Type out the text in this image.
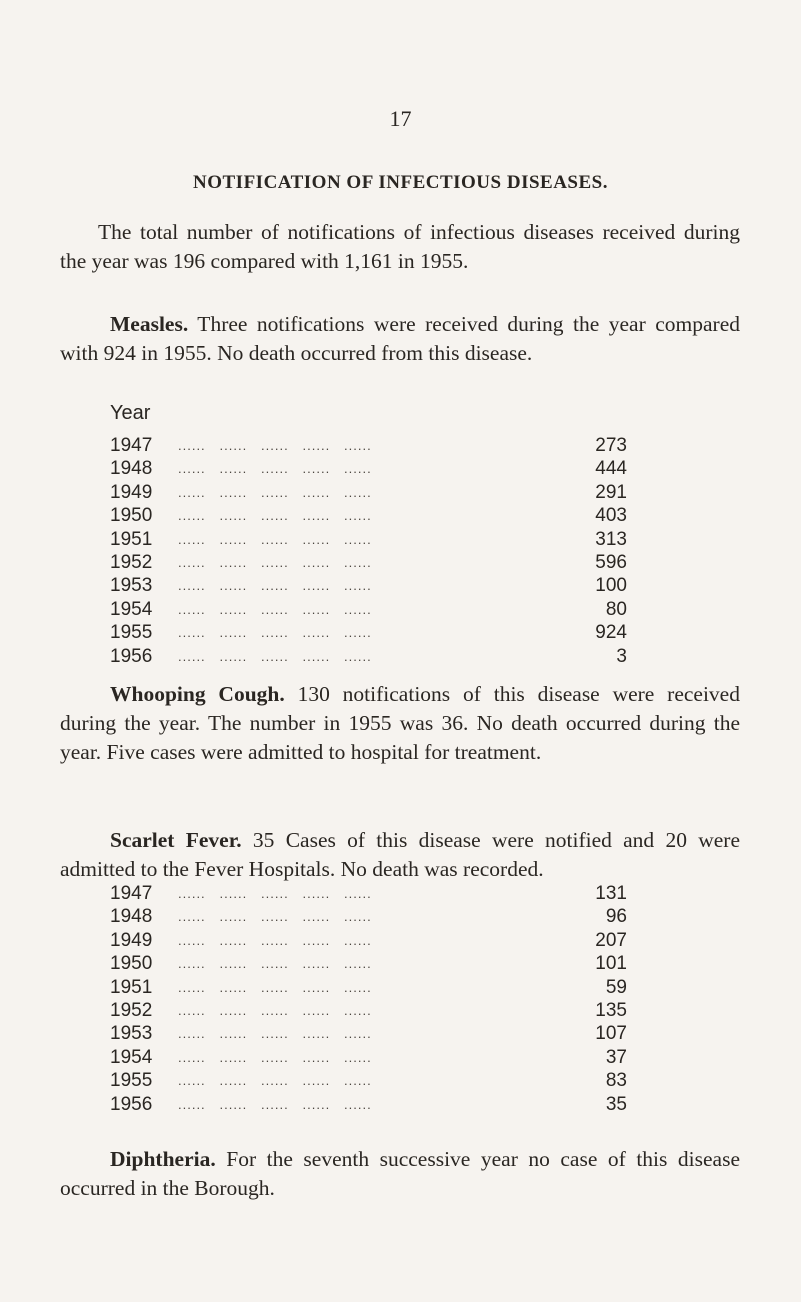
17
NOTIFICATION OF INFECTIOUS DISEASES.
The total number of notifications of infectious diseases received during the year was 196 compared with 1,161 in 1955.
Measles. Three notifications were received during the year compared with 924 in 1955. No death occurred from this disease.
Year
1947 ......   ......   ......   ......   ......	273
1948 ......   ......   ......   ......   ......	444
1949 ......   ......   ......   ......   ......	291
1950 ......   ......   ......   ......   ......	403
1951 ......   ......   ......   ......   ......	313
1952 ......   ......   ......   ......   ......	596
1953 ......   ......   ......   ......   ......	100
1954 ......   ......   ......   ......   ......	80
1955 ......   ......   ......   ......   ......	924
1956 ......   ......   ......   ......   ......	3
Whooping Cough. 130 notifications of this disease were received during the year. The number in 1955 was 36. No death occurred during the year. Five cases were admitted to hospital for treatment.
Scarlet Fever. 35 Cases of this disease were notified and 20 were admitted to the Fever Hospitals. No death was recorded.
1947 ......   ......   ......   ......   ......	131
1948 ......   ......   ......   ......   ......	96
1949 ......   ......   ......   ......   ......	207
1950 ......   ......   ......   ......   ......	101
1951 ......   ......   ......   ......   ......	59
1952 ......   ......   ......   ......   ......	135
1953 ......   ......   ......   ......   ......	107
1954 ......   ......   ......   ......   ......	37
1955 ......   ......   ......   ......   ......	83
1956 ......   ......   ......   ......   ......	35
Diphtheria. For the seventh successive year no case of this disease occurred in the Borough.
